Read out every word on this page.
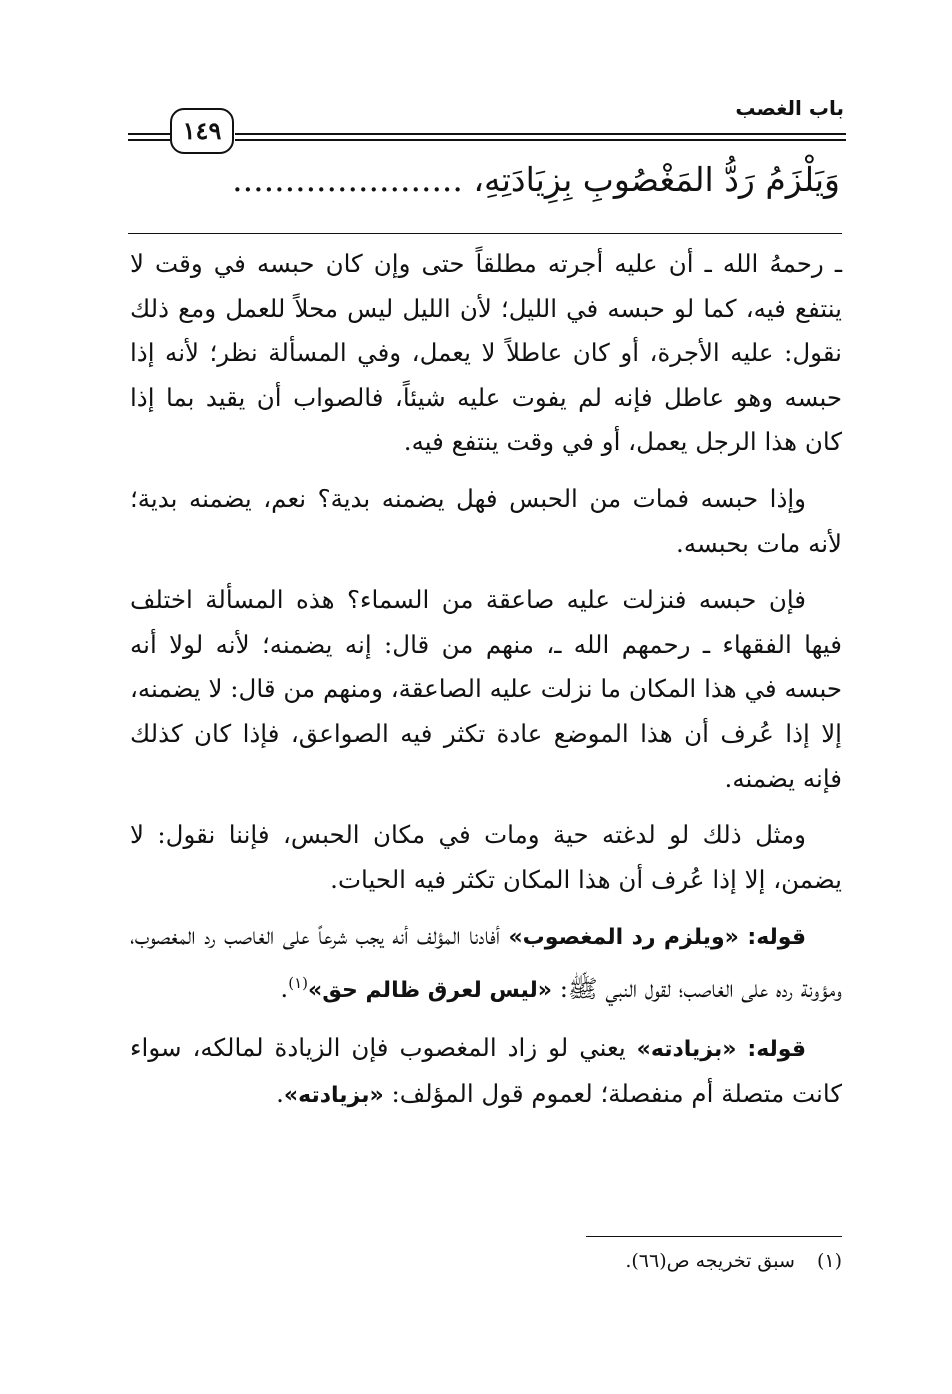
باب الغصب
١٤٩
وَيَلْزَمُ رَدُّ المَغْصُوبِ بِزِيَادَتِهِ، ......................

ـ رحمهُ الله ـ أن عليه أجرته مطلقاً حتى وإن كان حبسه في وقت لا ينتفع فيه، كما لو حبسه في الليل؛ لأن الليل ليس محلاً للعمل ومع ذلك نقول: عليه الأجرة، أو كان عاطلاً لا يعمل، وفي المسألة نظر؛ لأنه إذا حبسه وهو عاطل فإنه لم يفوت عليه شيئاً، فالصواب أن يقيد بما إذا كان هذا الرجل يعمل، أو في وقت ينتفع فيه.

وإذا حبسه فمات من الحبس فهل يضمنه بدية؟ نعم، يضمنه بدية؛ لأنه مات بحبسه.

فإن حبسه فنزلت عليه صاعقة من السماء؟ هذه المسألة اختلف فيها الفقهاء ـ رحمهم الله ـ، منهم من قال: إنه يضمنه؛ لأنه لولا أنه حبسه في هذا المكان ما نزلت عليه الصاعقة، ومنهم من قال: لا يضمنه، إلا إذا عُرف أن هذا الموضع عادة تكثر فيه الصواعق، فإذا كان كذلك فإنه يضمنه.

ومثل ذلك لو لدغته حية ومات في مكان الحبس، فإننا نقول: لا يضمن، إلا إذا عُرف أن هذا المكان تكثر فيه الحيات.

قوله: «ويلزم رد المغصوب» أفادنا المؤلف أنه يجب شرعاً على الغاصب رد المغصوب، ومؤونة رده على الغاصب؛ لقول النبي ﷺ: «ليس لعرق ظالم حق»$^{(١)}$.

قوله: «بزيادته» يعني لو زاد المغصوب فإن الزيادة لمالكه، سواء كانت متصلة أم منفصلة؛ لعموم قول المؤلف: «بزيادته».

(١)سبق تخريجه ص(٦٦).
